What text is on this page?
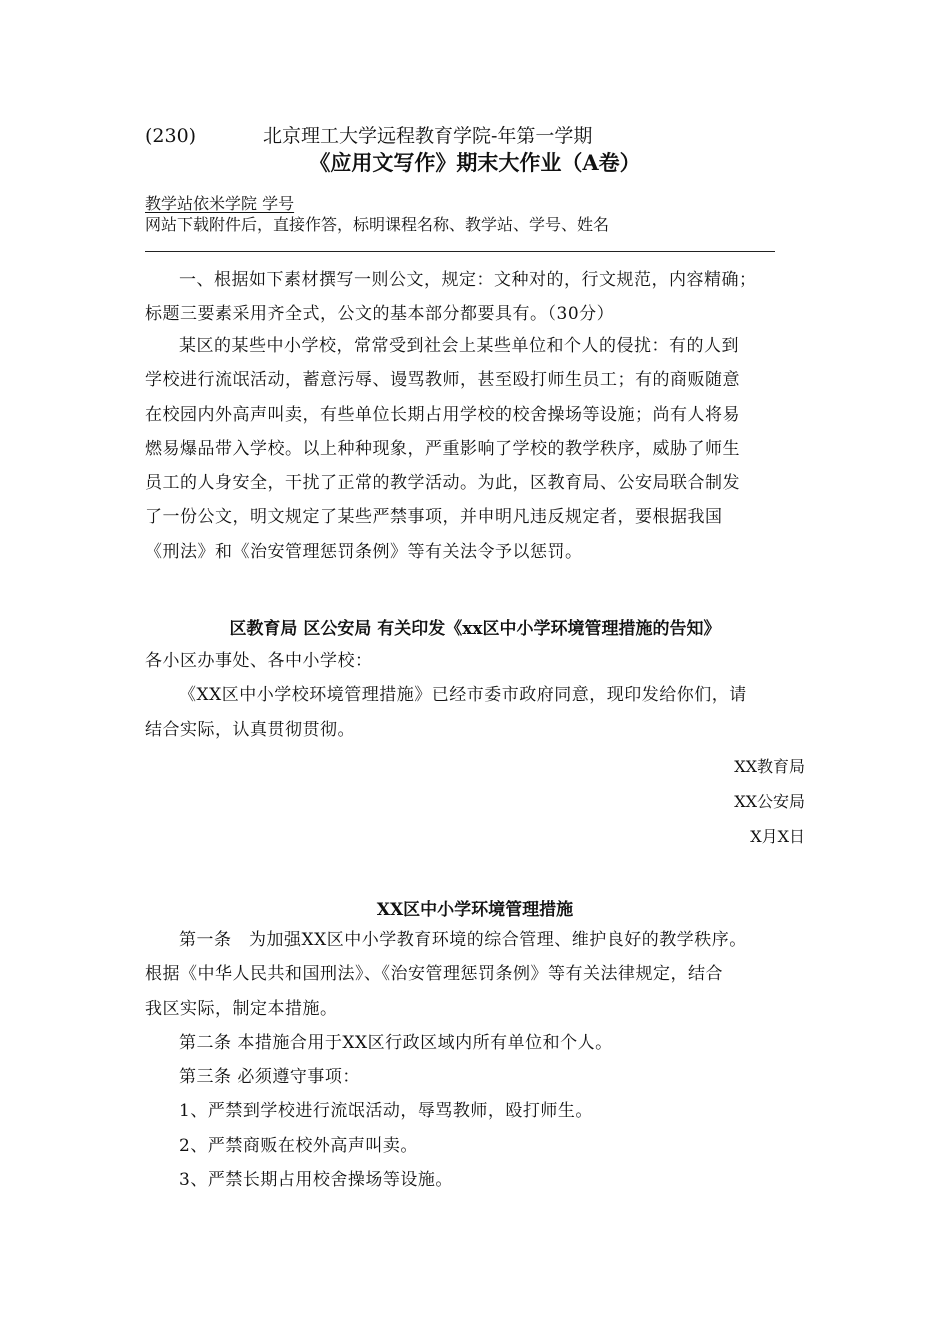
(230)	北京理工大学远程教育学院-年第一学期
《应用文写作》期末大作业（A卷）
教学站依米学院 学号
网站下载附件后，直接作答，标明课程名称、教学站、学号、姓名

一、根据如下素材撰写一则公文，规定：文种对的，行文规范，内容精确；

标题三要素采用齐全式，公文的基本部分都要具有。（30分）

某区的某些中小学校，常常受到社会上某些单位和个人的侵扰：有的人到

学校进行流氓活动，蓄意污辱、谩骂教师，甚至殴打师生员工；有的商贩随意

在校园内外高声叫卖，有些单位长期占用学校的校舍操场等设施；尚有人将易

燃易爆品带入学校。以上种种现象，严重影响了学校的教学秩序，威胁了师生

员工的人身安全，干扰了正常的教学活动。为此，区教育局、公安局联合制发

了一份公文，明文规定了某些严禁事项，并申明凡违反规定者，要根据我国

《刑法》和《治安管理惩罚条例》等有关法令予以惩罚。

区教育局 区公安局 有关印发《xx区中小学环境管理措施的告知》

各小区办事处、各中小学校：

《XX区中小学校环境管理措施》已经市委市政府同意，现印发给你们，请

结合实际，认真贯彻贯彻。

XX教育局
XX公安局
X月X日
XX区中小学环境管理措施

第一条　为加强XX区中小学教育环境的综合管理、维护良好的教学秩序。

根据《中华人民共和国刑法》、《治安管理惩罚条例》等有关法律规定，结合

我区实际，制定本措施。

第二条 本措施合用于XX区行政区域内所有单位和个人。

第三条 必须遵守事项：

1、严禁到学校进行流氓活动，辱骂教师，殴打师生。

2、严禁商贩在校外高声叫卖。

3、严禁长期占用校舍操场等设施。
